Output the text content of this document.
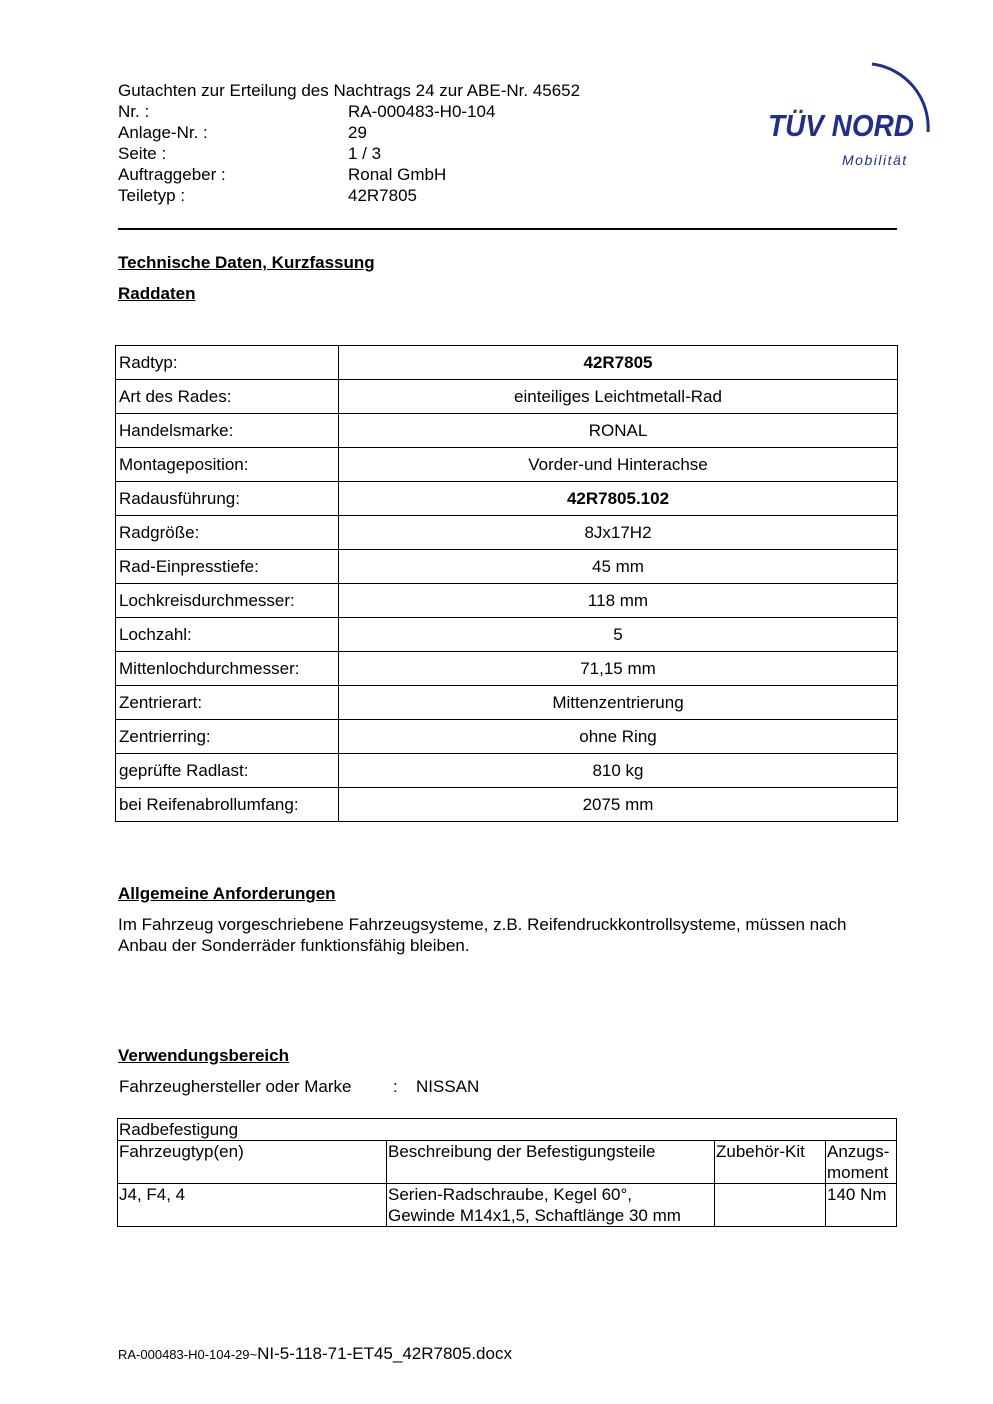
Gutachten zur Erteilung des Nachtrags 24 zur ABE-Nr. 45652
Nr. :	RA-000483-H0-104
Anlage-Nr. :	29
Seite :	1 / 3
Auftraggeber :	Ronal GmbH
Teiletyp :	42R7805
TÜV NORD
Mobilität
Technische Daten, Kurzfassung
Raddaten
Radtyp:	42R7805
Art des Rades:	einteiliges Leichtmetall-Rad
Handelsmarke:	RONAL
Montageposition:	Vorder-und Hinterachse
Radausführung:	42R7805.102
Radgröße:	8Jx17H2
Rad-Einpresstiefe:	45 mm
Lochkreisdurchmesser:	118 mm
Lochzahl:	5
Mittenlochdurchmesser:	71,15 mm
Zentrierart:	Mittenzentrierung
Zentrierring:	ohne Ring
geprüfte Radlast:	810 kg
bei Reifenabrollumfang:	2075 mm
Allgemeine Anforderungen
Im Fahrzeug vorgeschriebene Fahrzeugsysteme, z.B. Reifendruckkontrollsysteme, müssen nach Anbau der Sonderräder funktionsfähig bleiben.
Verwendungsbereich
Fahrzeughersteller oder Marke : NISSAN
Radbefestigung			
Fahrzeugtyp(en)	Beschreibung der Befestigungsteile	Zubehör-Kit	Anzugs-
moment

J4, F4, 4	Serien-Radschraube, Kegel 60°,
Gewinde M14x1,5, Schaftlänge 30 mm		140 Nm
RA-000483-H0-104-29~NI-5-118-71-ET45_42R7805.docx
